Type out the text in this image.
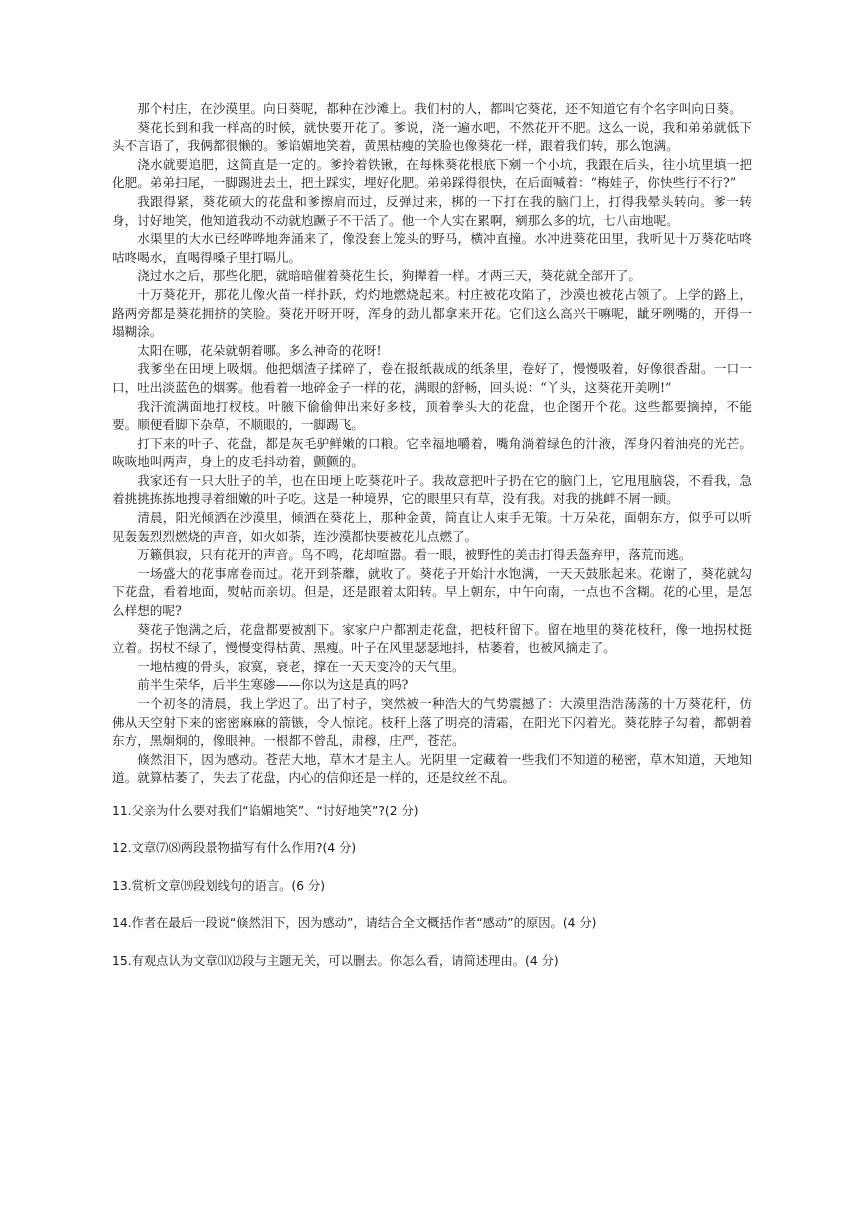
那个村庄，在沙漠里。向日葵呢，都种在沙滩上。我们村的人，都叫它葵花，还不知道它有个名字叫向日葵。

葵花长到和我一样高的时候，就快要开花了。爹说，浇一遍水吧，不然花开不肥。这么一说，我和弟弟就低下头不言语了，我俩都很懒的。爹谄媚地笑着，黄黑枯瘦的笑脸也像葵花一样，跟着我们转，那么饱满。

浇水就要追肥，这简直是一定的。爹拎着铁锹，在每株葵花根底下剜一个小坑，我跟在后头，往小坑里填一把化肥。弟弟扫尾，一脚踢进去土，把土踩实，埋好化肥。弟弟踩得很快，在后面喊着：“梅娃子，你快些行不行?”

我跟得紧，葵花硕大的花盘和爹擦肩而过，反弹过来，梆的一下打在我的脑门上，打得我晕头转向。爹一转身，讨好地笑，他知道我动不动就尥蹶子不干活了。他一个人实在累啊，剜那么多的坑，七八亩地呢。

水渠里的大水已经哗哗地奔涌来了，像没套上笼头的野马，横冲直撞。水冲进葵花田里，我听见十万葵花咕咚咕咚喝水，直喝得嗓子里打嗝儿。

浇过水之后，那些化肥，就暗暗催着葵花生长，狗撵着一样。才两三天，葵花就全部开了。

十万葵花开，那花儿像火苗一样扑跃，灼灼地燃烧起来。村庄被花攻陷了，沙漠也被花占领了。上学的路上，路两旁都是葵花拥挤的笑脸。葵花开呀开呀，浑身的劲儿都拿来开花。它们这么高兴干嘛呢，龇牙咧嘴的，开得一塌糊涂。

太阳在哪，花朵就朝着哪。多么神奇的花呀!

我爹坐在田埂上吸烟。他把烟渣子揉碎了，卷在报纸裁成的纸条里，卷好了，慢慢吸着，好像很香甜。一口一口，吐出淡蓝色的烟雾。他看着一地碎金子一样的花，满眼的舒畅，回头说：“丫头，这葵花开美咧!”

我汗流满面地打杈枝。叶腋下偷偷伸出来好多枝，顶着拳头大的花盘，也企图开个花。这些都要摘掉，不能要。顺便看脚下杂草，不顺眼的，一脚踢飞。

打下来的叶子、花盘，都是灰毛驴鲜嫩的口粮。它幸福地嚼着，嘴角淌着绿色的汁液，浑身闪着油亮的光芒。咴咴地叫两声，身上的皮毛抖动着，颤颤的。

我家还有一只大肚子的羊，也在田埂上吃葵花叶子。我故意把叶子扔在它的脑门上，它甩甩脑袋，不看我，急着挑挑拣拣地搜寻着细嫩的叶子吃。这是一种境界，它的眼里只有草，没有我。对我的挑衅不屑一顾。

清晨，阳光倾洒在沙漠里，倾洒在葵花上，那种金黄，简直让人束手无策。十万朵花，面朝东方，似乎可以听见轰轰烈烈燃烧的声音，如火如荼，连沙漠都快要被花儿点燃了。

万籁俱寂，只有花开的声音。鸟不鸣，花却喧嚣。看一眼，被野性的美击打得丢盔弃甲，落荒而逃。

一场盛大的花事席卷而过。花开到荼蘼，就收了。葵花子开始汁水饱满，一天天鼓胀起来。花谢了，葵花就勾下花盘，看着地面，熨帖而亲切。但是，还是跟着太阳转。早上朝东，中午向南，一点也不含糊。花的心里，是怎么样想的呢?

葵花子饱满之后，花盘都要被割下。家家户户都割走花盘，把枝秆留下。留在地里的葵花枝秆，像一地拐杖挺立着。拐杖不绿了，慢慢变得枯黄、黑瘦。叶子在风里瑟瑟地抖，枯萎着，也被风摘走了。

一地枯瘦的骨头，寂寞，衰老，撑在一天天变冷的天气里。

前半生荣华，后半生寒碜——你以为这是真的吗?

一个初冬的清晨，我上学迟了。出了村子，突然被一种浩大的气势震撼了：大漠里浩浩荡荡的十万葵花秆，仿佛从天空射下来的密密麻麻的箭镞，令人惊诧。枝秆上落了明亮的清霜，在阳光下闪着光。葵花脖子勾着，都朝着东方，黑炯炯的，像眼神。一根都不曾乱，肃穆，庄严，苍茫。

倏然泪下，因为感动。苍茫大地，草木才是主人。光阴里一定藏着一些我们不知道的秘密，草木知道，天地知道。就算枯萎了，失去了花盘，内心的信仰还是一样的，还是纹丝不乱。

11.父亲为什么要对我们“谄媚地笑”、“讨好地笑”?(2 分)

12.文章⑺⑻两段景物描写有什么作用?(4 分)

13.赏析文章⒆段划线句的语言。(6 分)

14.作者在最后一段说“倏然泪下，因为感动”，请结合全文概括作者“感动”的原因。(4 分)

15.有观点认为文章⑾⑿段与主题无关，可以删去。你怎么看，请简述理由。(4 分)
